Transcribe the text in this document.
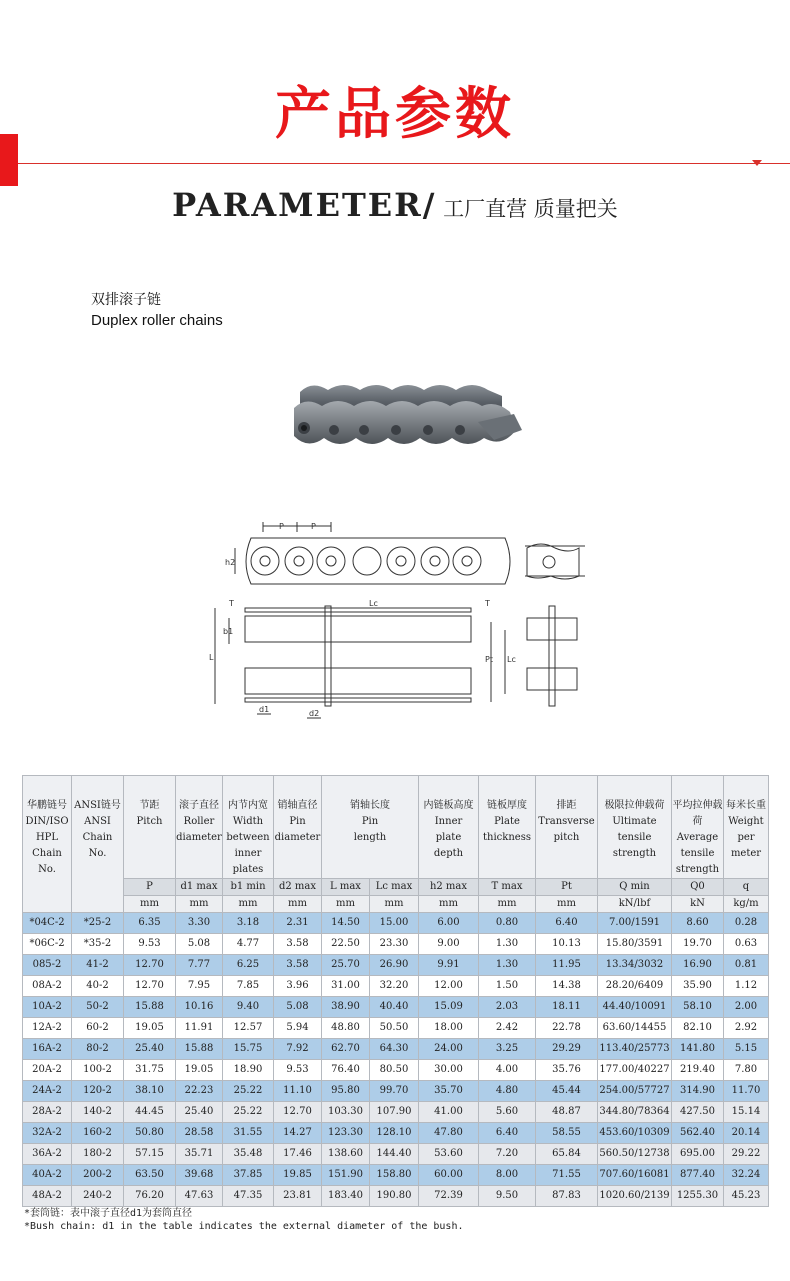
产品参数
PARAMETER/ 工厂直营 质量把关
双排滚子链
Duplex roller chains
P	P
h2
T	Lc
b1
L	Pt Lc
T
d1	d2
华鹏链号
DIN/ISO
HPL
Chain
No.	ANSI链号
ANSI
Chain
No.	节距
Pitch	滚子直径
Roller
diameter	内节内宽
Width
between
inner
plates	销轴直径
Pin
diameter	销轴长度
Pin
length		内链板高度
Inner
plate
depth	链板厚度
Plate
thickness	排距
Transverse
pitch	极限拉伸载荷
Ultimate
tensile
strength	平均拉伸载荷
Average
tensile
strength	每米长重
Weight
per
meter
		P	d1 max	b1 min	d2 max	L max	Lc max	h2 max	T max	Pt	Q min	Q0	q
		mm	mm	mm	mm	mm	mm	mm	mm	mm	kN/lbf	kN	kg/m
*04C-2	*25-2	6.35	3.30	3.18	2.31	14.50	15.00	6.00	0.80	6.40	7.00/1591	8.60	0.28
*06C-2	*35-2	9.53	5.08	4.77	3.58	22.50	23.30	9.00	1.30	10.13	15.80/3591	19.70	0.63
085-2	41-2	12.70	7.77	6.25	3.58	25.70	26.90	9.91	1.30	11.95	13.34/3032	16.90	0.81
08A-2	40-2	12.70	7.95	7.85	3.96	31.00	32.20	12.00	1.50	14.38	28.20/6409	35.90	1.12
10A-2	50-2	15.88	10.16	9.40	5.08	38.90	40.40	15.09	2.03	18.11	44.40/10091	58.10	2.00
12A-2	60-2	19.05	11.91	12.57	5.94	48.80	50.50	18.00	2.42	22.78	63.60/14455	82.10	2.92
16A-2	80-2	25.40	15.88	15.75	7.92	62.70	64.30	24.00	3.25	29.29	113.40/25773	141.80	5.15
20A-2	100-2	31.75	19.05	18.90	9.53	76.40	80.50	30.00	4.00	35.76	177.00/40227	219.40	7.80
24A-2	120-2	38.10	22.23	25.22	11.10	95.80	99.70	35.70	4.80	45.44	254.00/57727	314.90	11.70
28A-2	140-2	44.45	25.40	25.22	12.70	103.30	107.90	41.00	5.60	48.87	344.80/78364	427.50	15.14
32A-2	160-2	50.80	28.58	31.55	14.27	123.30	128.10	47.80	6.40	58.55	453.60/10309	562.40	20.14
36A-2	180-2	57.15	35.71	35.48	17.46	138.60	144.40	53.60	7.20	65.84	560.50/12738	695.00	29.22
40A-2	200-2	63.50	39.68	37.85	19.85	151.90	158.80	60.00	8.00	71.55	707.60/16081	877.40	32.24
48A-2	240-2	76.20	47.63	47.35	23.81	183.40	190.80	72.39	9.50	87.83	1020.60/2139	1255.30	45.23
*套筒链：表中滚子直径d1为套筒直径
*Bush chain: d1 in the table indicates the external diameter of the bush.
